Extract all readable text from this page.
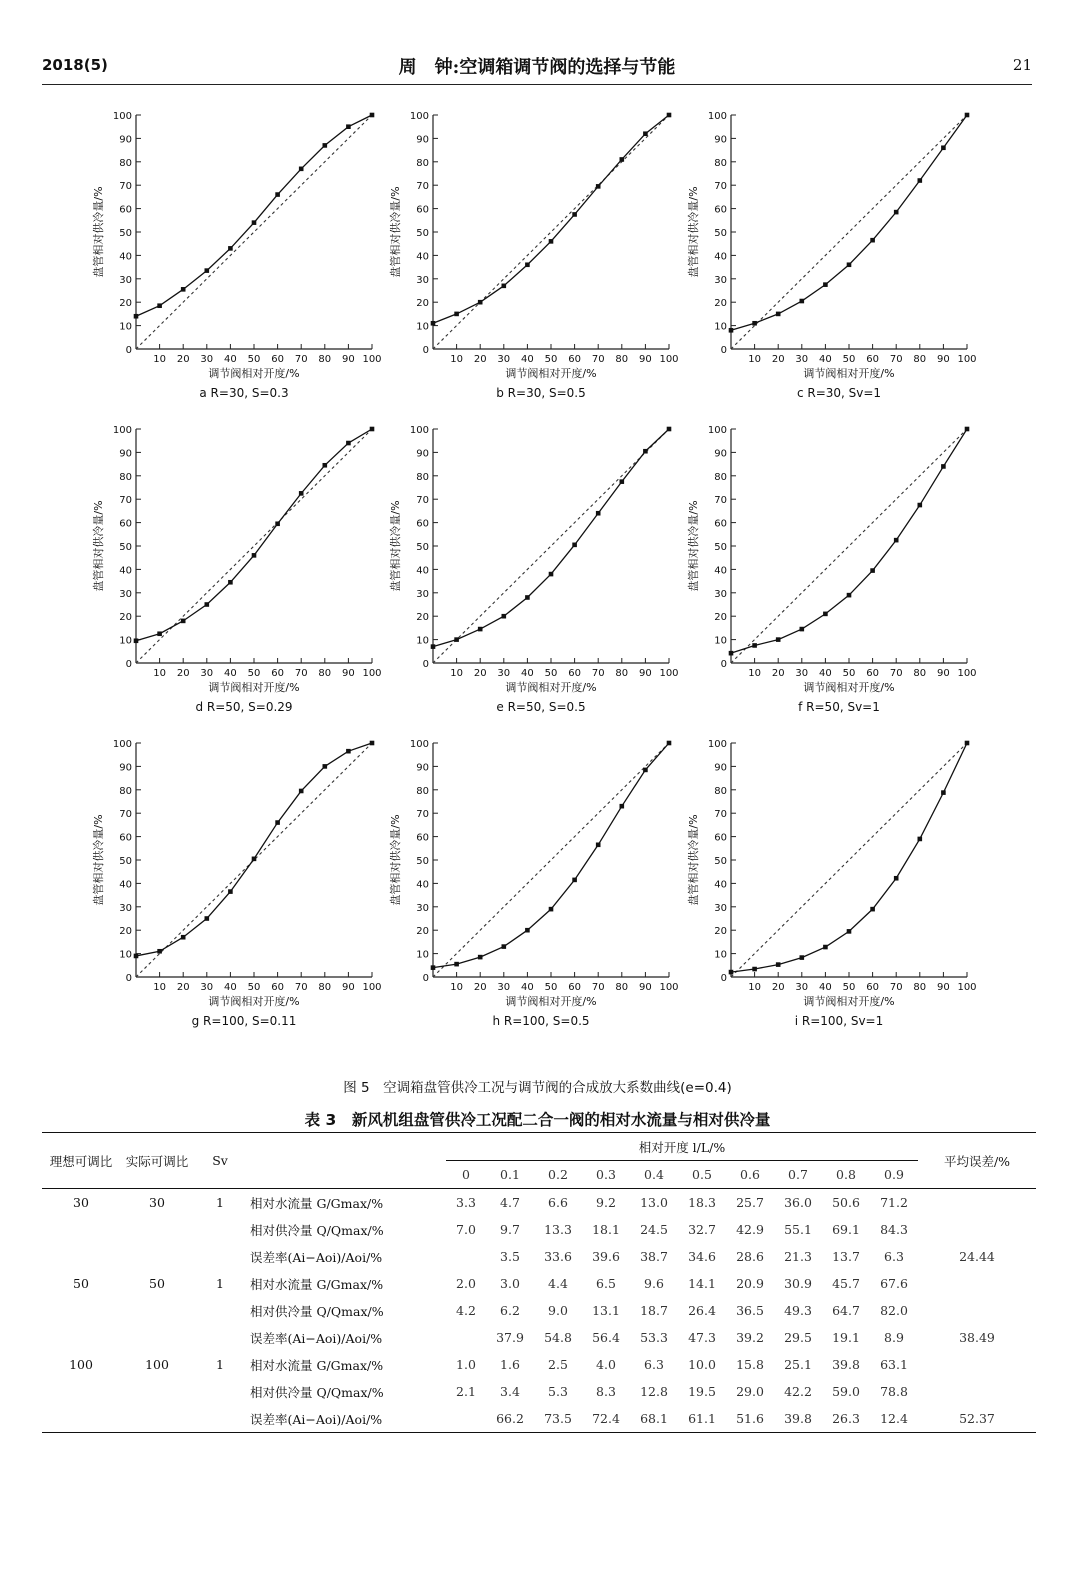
2018(5)	周　钟:空调箱调节阀的选择与节能	21
0
10
20
30
40
50
60
70
80
90
100
10 20 30 40 50 60 70 80 90 100
调节阀相对开度/%
盘管相对供冷量/%
a R=30, S=0.3
0
10
20
30
40
50
60
70
80
90
100
10 20 30 40 50 60 70 80 90 100
调节阀相对开度/%
盘管相对供冷量/%
b R=30, S=0.5
0
10
20
30
40
50
60
70
80
90
100
10 20 30 40 50 60 70 80 90 100
调节阀相对开度/%
盘管相对供冷量/%
c R=30, Sv=1
0
10
20
30
40
50
60
70
80
90
100
10 20 30 40 50 60 70 80 90 100
调节阀相对开度/%
盘管相对供冷量/%
d R=50, S=0.29
0
10
20
30
40
50
60
70
80
90
100
10 20 30 40 50 60 70 80 90 100
调节阀相对开度/%
盘管相对供冷量/%
e R=50, S=0.5
0
10
20
30
40
50
60
70
80
90
100
10 20 30 40 50 60 70 80 90 100
调节阀相对开度/%
盘管相对供冷量/%
f R=50, Sv=1
0
10
20
30
40
50
60
70
80
90
100
10 20 30 40 50 60 70 80 90 100
调节阀相对开度/%
盘管相对供冷量/%
g R=100, S=0.11
0
10
20
30
40
50
60
70
80
90
100
10 20 30 40 50 60 70 80 90 100
调节阀相对开度/%
盘管相对供冷量/%
h R=100, S=0.5
0
10
20
30
40
50
60
70
80
90
100
10 20 30 40 50 60 70 80 90 100
调节阀相对开度/%
盘管相对供冷量/%
i R=100, Sv=1
图 5　空调箱盘管供冷工况与调节阀的合成放大系数曲线(e=0.4)
表 3　新风机组盘管供冷工况配二合一阀的相对水流量与相对供冷量
理想可调比	实际可调比	Sv		相对开度 l/L/%										平均误差/%
				0	0.1	0.2	0.3	0.4	0.5	0.6	0.7	0.8	0.9	
30	30	1	相对水流量 G/Gmax/%	3.3	4.7	6.6	9.2	13.0	18.3	25.7	36.0	50.6	71.2	
			相对供冷量 Q/Qmax/%	7.0	9.7	13.3	18.1	24.5	32.7	42.9	55.1	69.1	84.3	
			误差率(Ai−Aoi)/Aoi/%		3.5	33.6	39.6	38.7	34.6	28.6	21.3	13.7	6.3	24.44
50	50	1	相对水流量 G/Gmax/%	2.0	3.0	4.4	6.5	9.6	14.1	20.9	30.9	45.7	67.6	
			相对供冷量 Q/Qmax/%	4.2	6.2	9.0	13.1	18.7	26.4	36.5	49.3	64.7	82.0	
			误差率(Ai−Aoi)/Aoi/%		37.9	54.8	56.4	53.3	47.3	39.2	29.5	19.1	8.9	38.49
100	100	1	相对水流量 G/Gmax/%	1.0	1.6	2.5	4.0	6.3	10.0	15.8	25.1	39.8	63.1	
			相对供冷量 Q/Qmax/%	2.1	3.4	5.3	8.3	12.8	19.5	29.0	42.2	59.0	78.8	
			误差率(Ai−Aoi)/Aoi/%		66.2	73.5	72.4	68.1	61.1	51.6	39.8	26.3	12.4	52.37
